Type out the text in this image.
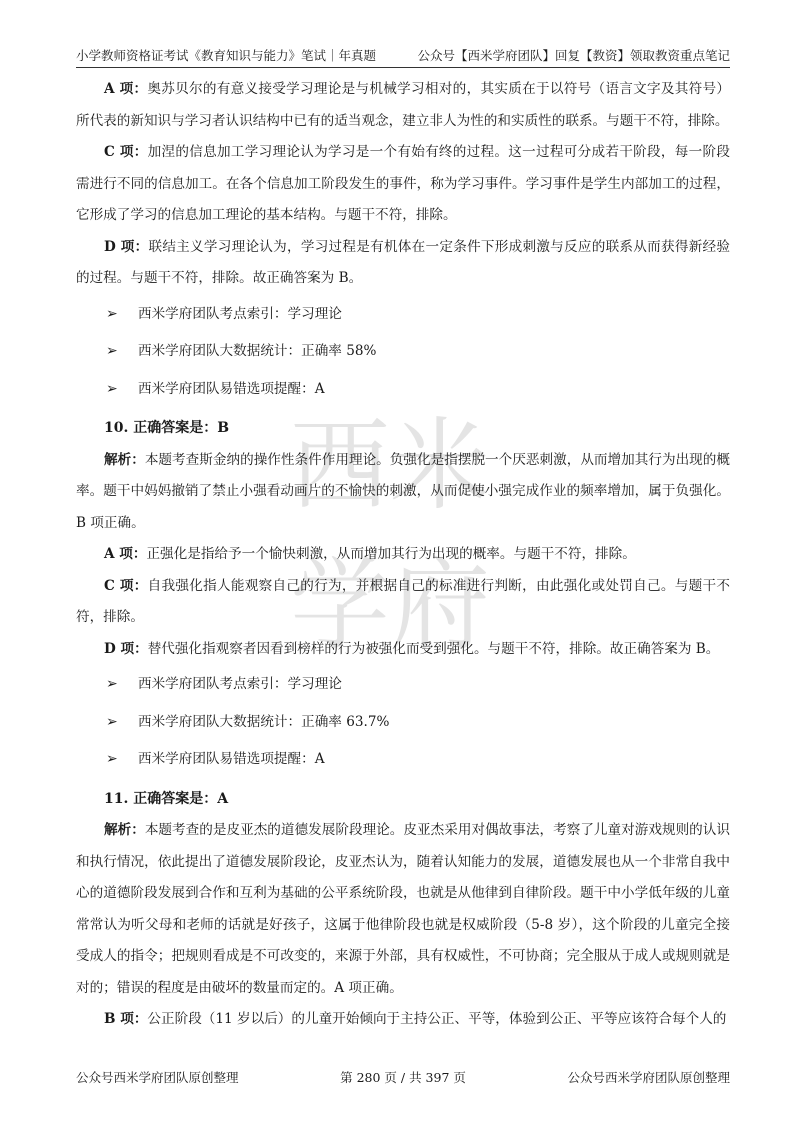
小学教师资格证考试《教育知识与能力》笔试｜年真题	公众号【西米学府团队】回复【教资】领取教资重点笔记
西 米
学 府

A 项：奥苏贝尔的有意义接受学习理论是与机械学习相对的，其实质在于以符号（语言文字及其符号）所代表的新知识与学习者认识结构中已有的适当观念，建立非人为性的和实质性的联系。与题干不符，排除。

C 项：加涅的信息加工学习理论认为学习是一个有始有终的过程。这一过程可分成若干阶段，每一阶段需进行不同的信息加工。在各个信息加工阶段发生的事件，称为学习事件。学习事件是学生内部加工的过程，它形成了学习的信息加工理论的基本结构。与题干不符，排除。

D 项：联结主义学习理论认为，学习过程是有机体在一定条件下形成刺激与反应的联系从而获得新经验的过程。与题干不符，排除。故正确答案为 B。

➢	西米学府团队考点索引：学习理论
➢	西米学府团队大数据统计：正确率 58%
➢	西米学府团队易错选项提醒：A
10. 正确答案是：B

解析：本题考查斯金纳的操作性条件作用理论。负强化是指摆脱一个厌恶刺激，从而增加其行为出现的概率。题干中妈妈撤销了禁止小强看动画片的不愉快的刺激，从而促使小强完成作业的频率增加，属于负强化。B 项正确。

A 项：正强化是指给予一个愉快刺激，从而增加其行为出现的概率。与题干不符，排除。

C 项：自我强化指人能观察自己的行为，并根据自己的标准进行判断，由此强化或处罚自己。与题干不符，排除。

D 项：替代强化指观察者因看到榜样的行为被强化而受到强化。与题干不符，排除。故正确答案为 B。

➢	西米学府团队考点索引：学习理论
➢	西米学府团队大数据统计：正确率 63.7%
➢	西米学府团队易错选项提醒：A
11. 正确答案是：A

解析：本题考查的是皮亚杰的道德发展阶段理论。皮亚杰采用对偶故事法，考察了儿童对游戏规则的认识和执行情况，依此提出了道德发展阶段论，皮亚杰认为，随着认知能力的发展，道德发展也从一个非常自我中心的道德阶段发展到合作和互利为基础的公平系统阶段，也就是从他律到自律阶段。题干中小学低年级的儿童常常认为听父母和老师的话就是好孩子，这属于他律阶段也就是权威阶段（5-8 岁），这个阶段的儿童完全接受成人的指令；把规则看成是不可改变的，来源于外部，具有权威性，不可协商；完全服从于成人或规则就是对的；错误的程度是由破坏的数量而定的。A 项正确。

B 项：公正阶段（11 岁以后）的儿童开始倾向于主持公正、平等，体验到公正、平等应该符合每个人的

公众号西米学府团队原创整理	第 280 页 / 共 397 页	公众号西米学府团队原创整理
